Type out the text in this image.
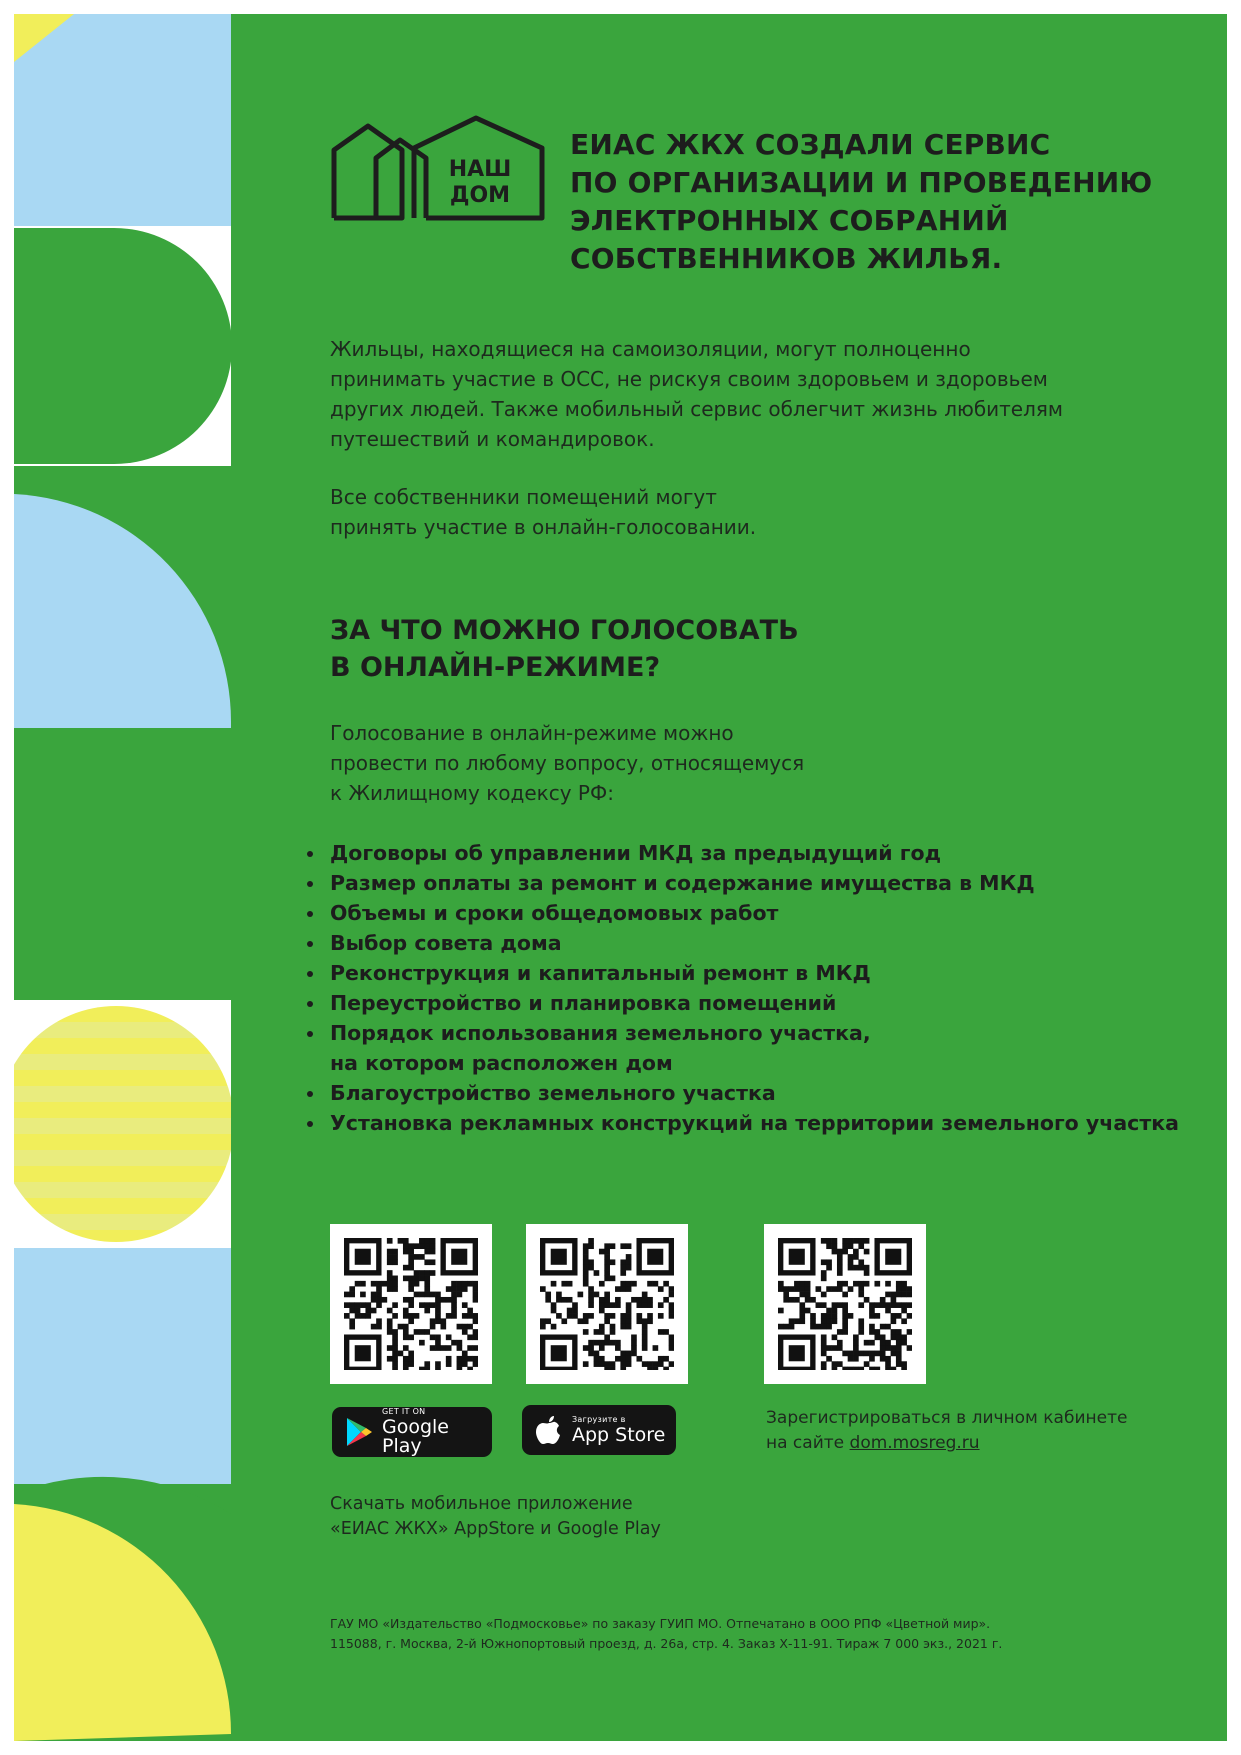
НАШ
ДОМ
ЕИАС ЖКХ СОЗДАЛИ СЕРВИС
ПО ОРГАНИЗАЦИИ И ПРОВЕДЕНИЮ
ЭЛЕКТРОННЫХ СОБРАНИЙ
СОБСТВЕННИКОВ ЖИЛЬЯ.

Жильцы, находящиеся на самоизоляции, могут полноценно
принимать участие в ОСС, не рискуя своим здоровьем и здоровьем
других людей. Также мобильный сервис облегчит жизнь любителям
путешествий и командировок.

Все собственники помещений могут
принять участие в онлайн-голосовании.

ЗА ЧТО МОЖНО ГОЛОСОВАТЬ
В ОНЛАЙН-РЕЖИМЕ?

Голосование в онлайн-режиме можно
провести по любому вопросу, относящемуся
к Жилищному кодексу РФ:

Договоры об управлении МКД за предыдущий год
Размер оплаты за ремонт и содержание имущества в МКД
Объемы и сроки общедомовых работ
Выбор совета дома
Реконструкция и капитальный ремонт в МКД
Переустройство и планировка помещений
Порядок использования земельного участка,
на котором расположен дом
Благоустройство земельного участка
Установка рекламных конструкций на территории земельного участка
GET IT ON
Google Play
Загрузите в
App Store

Зарегистрироваться в личном кабинете
на сайте dom.mosreg.ru

Скачать мобильное приложение
«ЕИАС ЖКХ» AppStore и Google Play

ГАУ МО «Издательство «Подмосковье» по заказу ГУИП МО. Отпечатано в ООО РПФ «Цветной мир».
115088, г. Москва, 2-й Южнопортовый проезд, д. 26а, стр. 4. Заказ Х-11-91. Тираж 7 000 экз., 2021 г.
